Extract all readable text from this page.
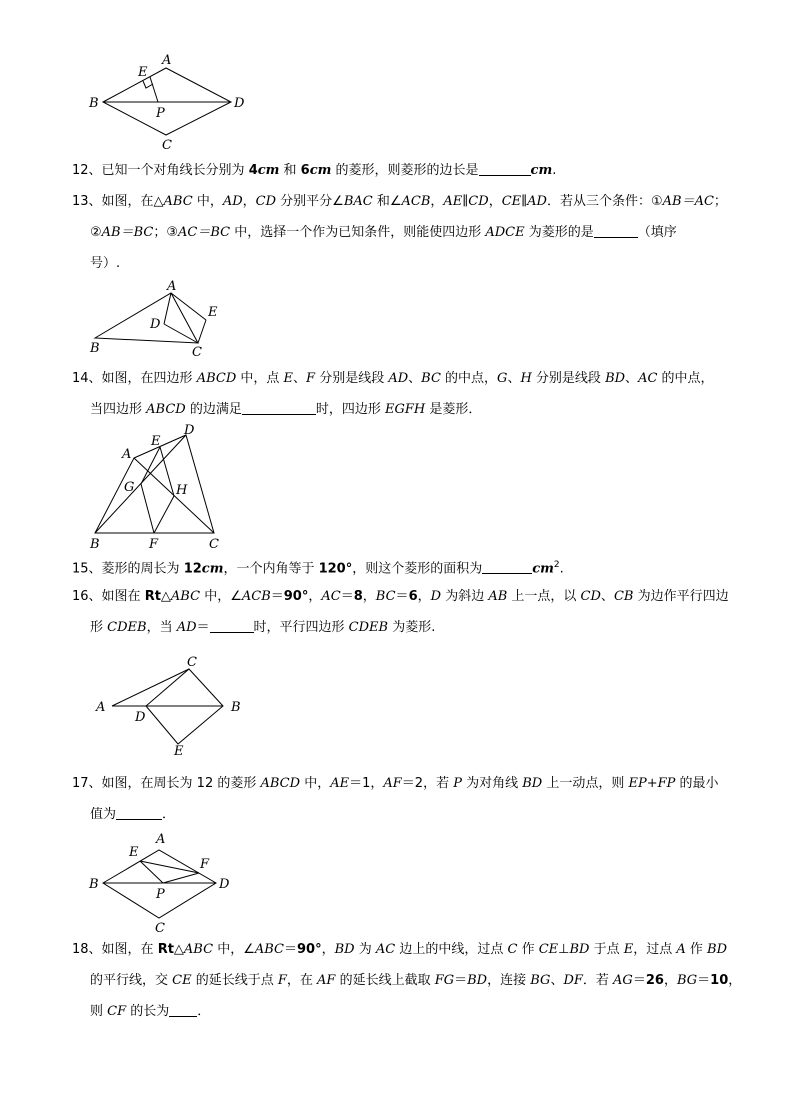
A
E
B
P
D
C
12、已知一个对角线长分别为 4cm 和 6cm 的菱形，则菱形的边长是	cm.
13、如图，在△ABC 中，AD，CD 分别平分∠BAC 和∠ACB，AE∥CD，CE∥AD．若从三个条件：①AB＝AC；
②AB＝BC；③AC＝BC 中，选择一个作为已知条件，则能使四边形 ADCE 为菱形的是	（填序
号）.
A
E
D
B	C
14、如图，在四边形 ABCD 中，点 E、F 分别是线段 AD、BC 的中点，G、H 分别是线段 BD、AC 的中点，
当四边形 ABCD 的边满足	时，四边形 EGFH 是菱形．
A
E
D
G	H
B	F	C
15、菱形的周长为 12cm，一个内角等于 120°，则这个菱形的面积为	$cm^2$.
16、如图在 Rt△ABC 中，∠ACB＝90°，AC＝8，BC＝6，D 为斜边 AB 上一点，以 CD、CB 为边作平行四边
形 CDEB，当 AD＝	时，平行四边形 CDEB 为菱形.
C
A	B
D
E
17、如图，在周长为 12 的菱形 ABCD 中，AE＝1，AF＝2，若 P 为对角线 BD 上一动点，则 EP+FP 的最小
值为	．
A
E
F
B
P
D
C
18、如图，在 Rt△ABC 中，∠ABC＝90°，BD 为 AC 边上的中线，过点 C 作 CE⊥BD 于点 E，过点 A 作 BD
的平行线，交 CE 的延长线于点 F，在 AF 的延长线上截取 FG＝BD，连接 BG、DF．若 AG＝26，BG＝10，
则 CF 的长为 ．
